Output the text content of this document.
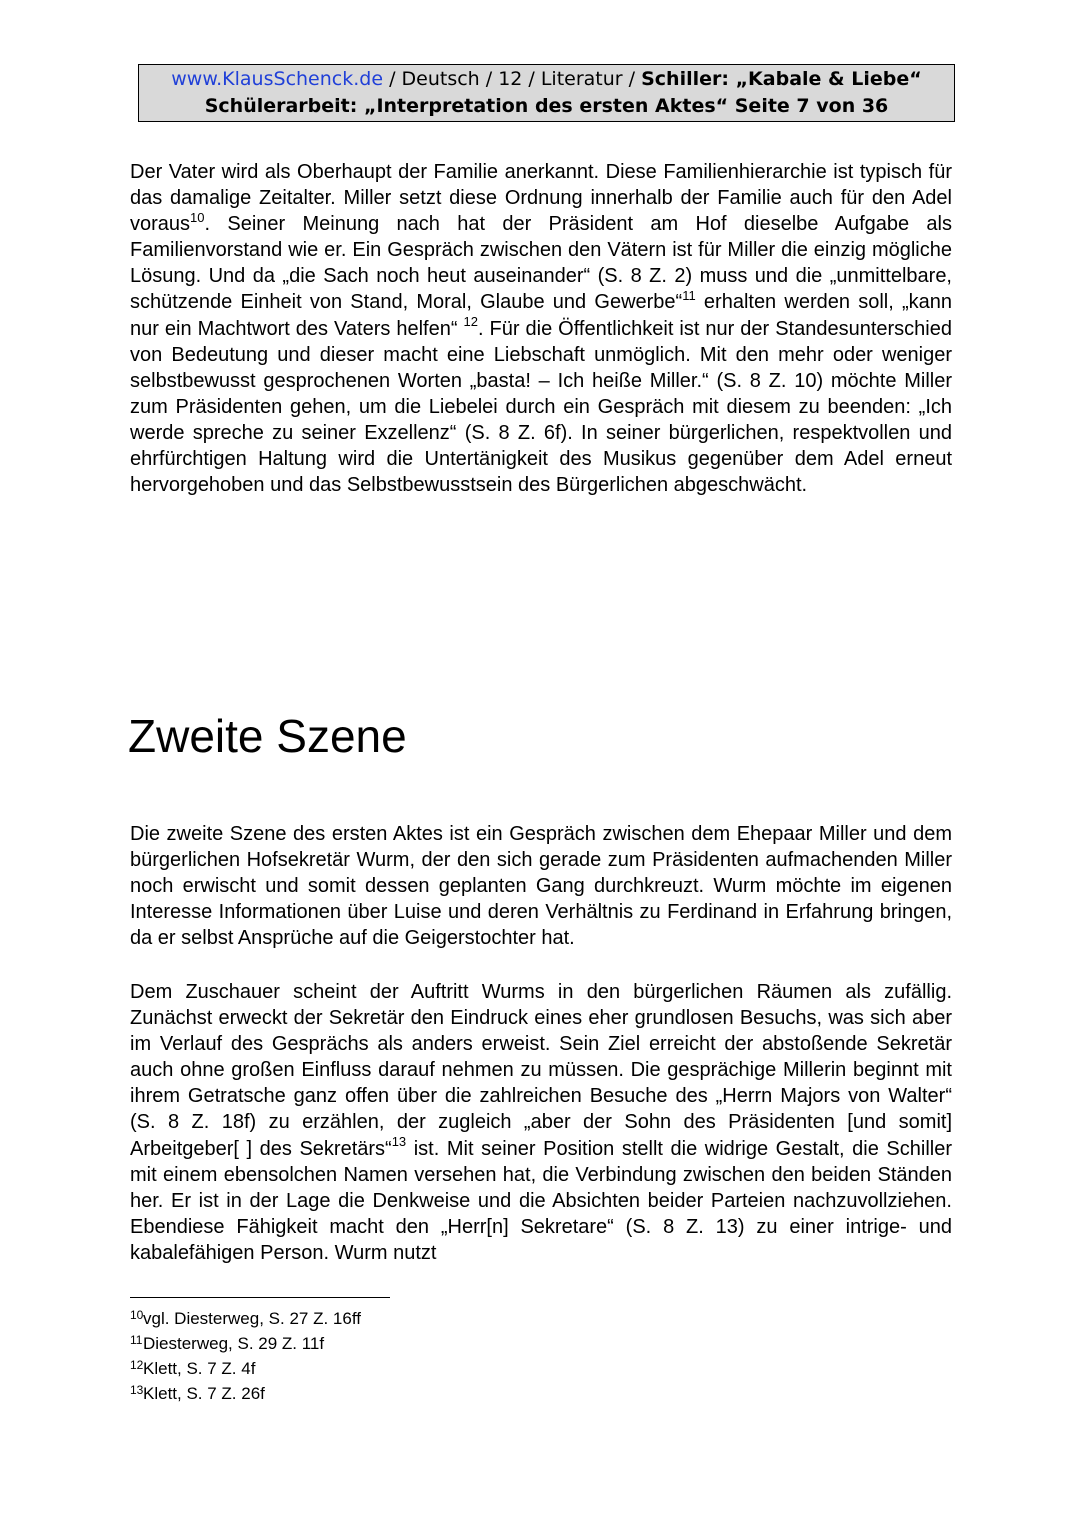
www.KlausSchenck.de / Deutsch / 12 / Literatur / Schiller: „Kabale & Liebe“
Schülerarbeit: „Interpretation des ersten Aktes“ Seite 7 von 36

Der Vater wird als Oberhaupt der Familie anerkannt. Diese Familienhierarchie ist typisch für das damalige Zeitalter. Miller setzt diese Ordnung innerhalb der Familie auch für den Adel voraus$^{10}$. Seiner Meinung nach hat der Präsident am Hof dieselbe Aufgabe als Familienvorstand wie er. Ein Gespräch zwischen den Vätern ist für Miller die einzig mögliche Lösung. Und da „die Sach noch heut auseinander“ (S. 8 Z. 2) muss und die „unmittelbare, schützende Einheit von Stand, Moral, Glaube und Gewerbe“$^{11}$ erhalten werden soll, „kann nur ein Machtwort des Vaters helfen“ $^{12}$. Für die Öffentlichkeit ist nur der Standesunterschied von Bedeutung und dieser macht eine Liebschaft unmöglich. Mit den mehr oder weniger selbstbewusst gesprochenen Worten „basta! – Ich heiße Miller.“ (S. 8 Z. 10) möchte Miller zum Präsidenten gehen, um die Liebelei durch ein Gespräch mit diesem zu beenden: „Ich werde spreche zu seiner Exzellenz“ (S. 8 Z. 6f). In seiner bürgerlichen, respektvollen und ehrfürchtigen Haltung wird die Untertänigkeit des Musikus gegenüber dem Adel erneut hervorgehoben und das Selbstbewusstsein des Bürgerlichen abgeschwächt.

Zweite Szene

Die zweite Szene des ersten Aktes ist ein Gespräch zwischen dem Ehepaar Miller und dem bürgerlichen Hofsekretär Wurm, der den sich gerade zum Präsidenten aufmachenden Miller noch erwischt und somit dessen geplanten Gang durchkreuzt. Wurm möchte im eigenen Interesse Informationen über Luise und deren Verhältnis zu Ferdinand in Erfahrung bringen, da er selbst Ansprüche auf die Geigerstochter hat.

Dem Zuschauer scheint der Auftritt Wurms in den bürgerlichen Räumen als zufällig. Zunächst erweckt der Sekretär den Eindruck eines eher grundlosen Besuchs, was sich aber im Verlauf des Gesprächs als anders erweist. Sein Ziel erreicht der abstoßende Sekretär auch ohne großen Einfluss darauf nehmen zu müssen. Die gesprächige Millerin beginnt mit ihrem Getratsche ganz offen über die zahlreichen Besuche des „Herrn Majors von Walter“ (S. 8 Z. 18f) zu erzählen, der zugleich „aber der Sohn des Präsidenten [und somit] Arbeitgeber[ ] des Sekretärs“$^{13}$ ist. Mit seiner Position stellt die widrige Gestalt, die Schiller mit einem ebensolchen Namen versehen hat, die Verbindung zwischen den beiden Ständen her. Er ist in der Lage die Denkweise und die Absichten beider Parteien nachzuvollziehen. Ebendiese Fähigkeit macht den „Herr[n] Sekretare“ (S. 8 Z. 13) zu einer intrige- und kabalefähigen Person. Wurm nutzt

10 vgl. Diesterweg, S. 27 Z. 16ff
11 Diesterweg, S. 29 Z. 11f
12 Klett, S. 7 Z. 4f
13 Klett, S. 7 Z. 26f
